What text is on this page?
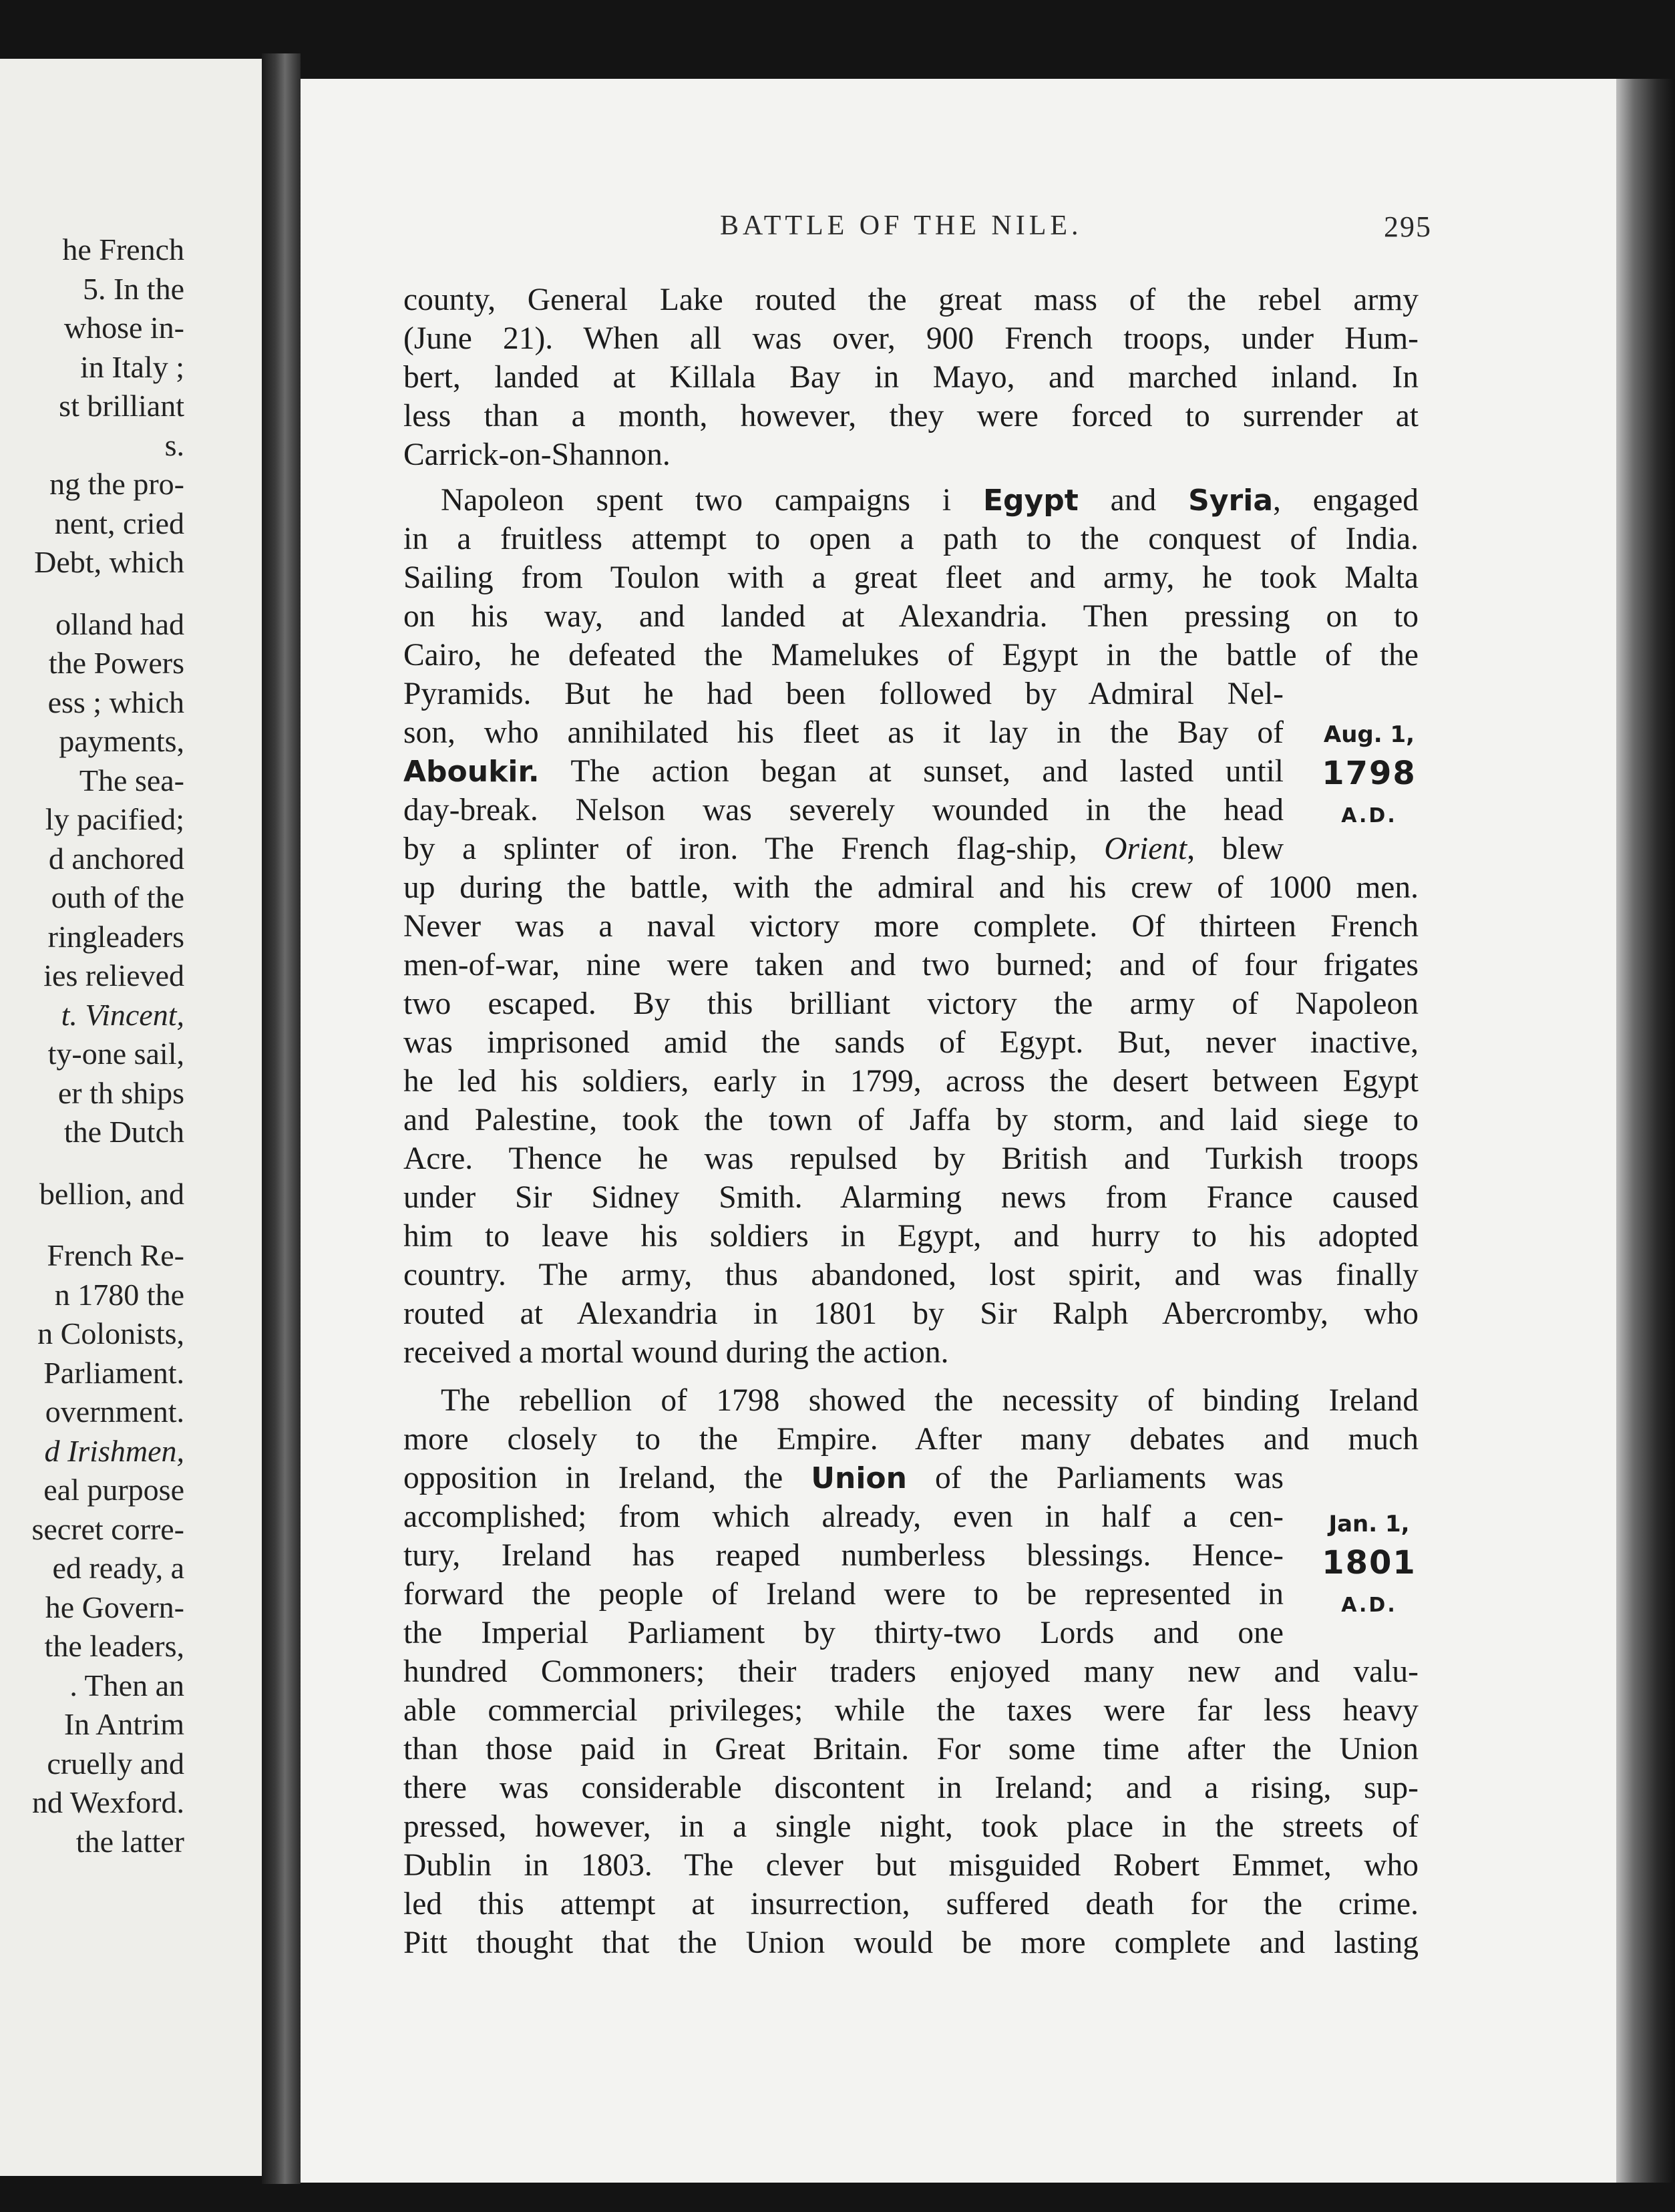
he French
5. In the
whose in-
in Italy ;
st brilliant
s.
ng the pro-
nent, cried
Debt, which
olland had
the Powers
ess ; which
payments,
The sea-
ly pacified;
d anchored
outh of the
ringleaders
ies relieved
t. Vincent,
ty-one sail,
er th ships
the Dutch
bellion, and
French Re-
n 1780 the
n Colonists,
Parliament.
overnment.
d Irishmen,
eal purpose
secret corre-
ed ready, a
he Govern-
the leaders,
. Then an
In Antrim
cruelly and
nd Wexford.
the latter
BATTLE OF THE NILE.	295
county, General Lake routed the great mass of the rebel army
(June 21). When all was over, 900 French troops, under Hum-
bert, landed at Killala Bay in Mayo, and marched inland. In
less than a month, however, they were forced to surrender at
Carrick-on-Shannon.
Napoleon spent two campaigns i Egypt and Syria, engaged
in a fruitless attempt to open a path to the conquest of India.
Sailing from Toulon with a great fleet and army, he took Malta
on his way, and landed at Alexandria. Then pressing on to
Cairo, he defeated the Mamelukes of Egypt in the battle of the
Pyramids. But he had been followed by Admiral Nel-
son, who annihilated his fleet as it lay in the Bay of
Aboukir. The action began at sunset, and lasted until
day-break. Nelson was severely wounded in the head
by a splinter of iron. The French flag-ship, Orient, blew
up during the battle, with the admiral and his crew of 1000 men.
Never was a naval victory more complete. Of thirteen French
men-of-war, nine were taken and two burned; and of four frigates
two escaped. By this brilliant victory the army of Napoleon
was imprisoned amid the sands of Egypt. But, never inactive,
he led his soldiers, early in 1799, across the desert between Egypt
and Palestine, took the town of Jaffa by storm, and laid siege to
Acre. Thence he was repulsed by British and Turkish troops
under Sir Sidney Smith. Alarming news from France caused
him to leave his soldiers in Egypt, and hurry to his adopted
country. The army, thus abandoned, lost spirit, and was finally
routed at Alexandria in 1801 by Sir Ralph Abercromby, who
received a mortal wound during the action.
The rebellion of 1798 showed the necessity of binding Ireland
more closely to the Empire. After many debates and much
opposition in Ireland, the Union of the Parliaments was
accomplished; from which already, even in half a cen-
tury, Ireland has reaped numberless blessings. Hence-
forward the people of Ireland were to be represented in
the Imperial Parliament by thirty-two Lords and one
hundred Commoners; their traders enjoyed many new and valu-
able commercial privileges; while the taxes were far less heavy
than those paid in Great Britain. For some time after the Union
there was considerable discontent in Ireland; and a rising, sup-
pressed, however, in a single night, took place in the streets of
Dublin in 1803. The clever but misguided Robert Emmet, who
led this attempt at insurrection, suffered death for the crime.
Pitt thought that the Union would be more complete and lasting
Aug. 1,
1798
A.D.
Jan. 1,
1801
A.D.
